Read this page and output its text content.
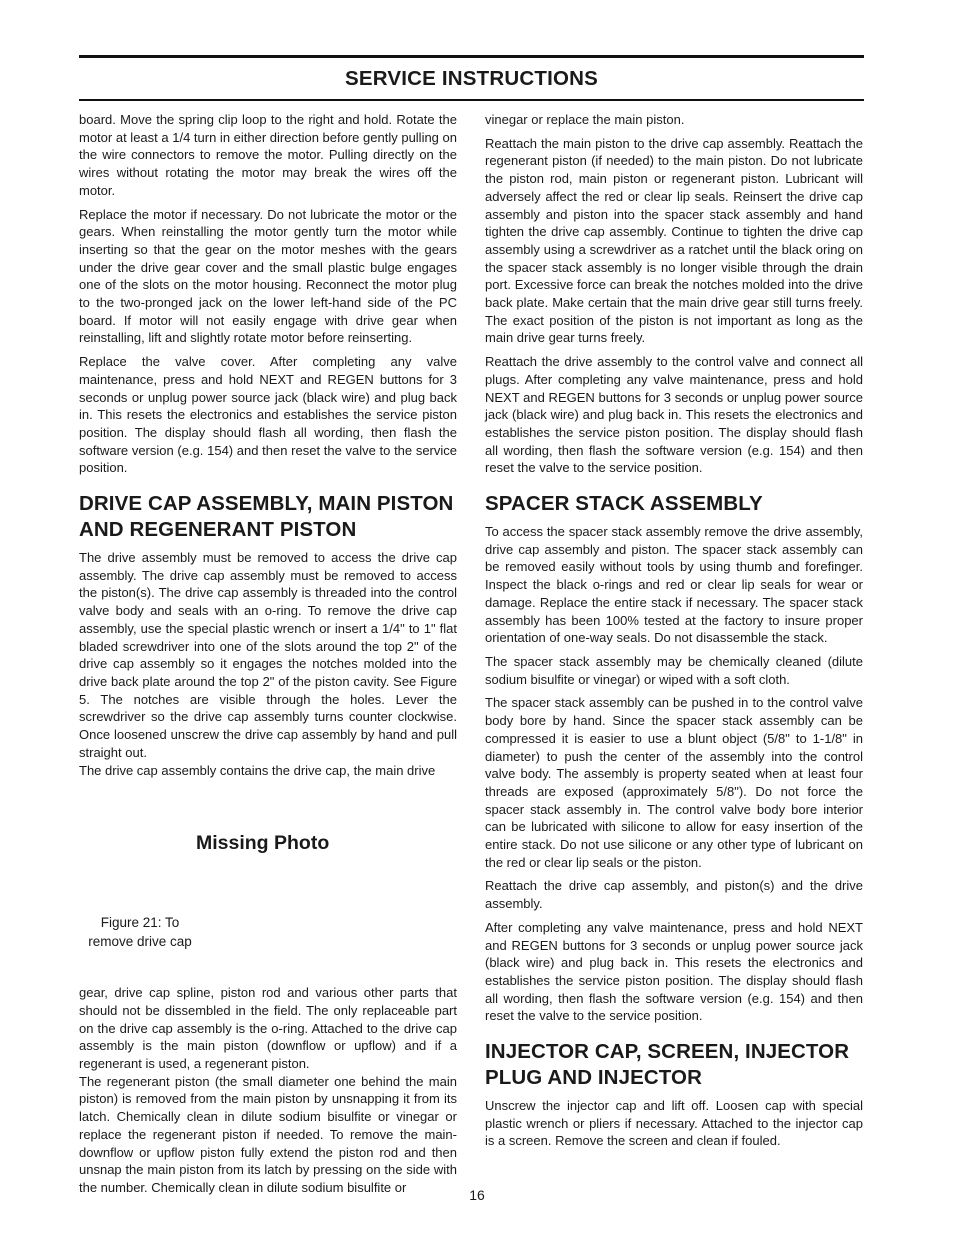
SERVICE INSTRUCTIONS

board. Move the spring clip loop to the right and hold. Rotate the motor at least a 1/4 turn in either direction before gently pulling on the wire connectors to remove the motor. Pulling directly on the wires without rotating the motor may break the wires off the motor.

Replace the motor if necessary. Do not lubricate the motor or the gears. When reinstalling the motor gently turn the motor while inserting so that the gear on the motor meshes with the gears under the drive gear cover and the small plastic bulge engages one of the slots on the motor housing. Reconnect the motor plug to the two-pronged jack on the lower left-hand side of the PC board. If motor will not easily engage with drive gear when reinstalling, lift and slightly rotate motor before reinserting.

Replace the valve cover. After completing any valve maintenance, press and hold NEXT and REGEN buttons for 3 seconds or unplug power source jack (black wire) and plug back in. This resets the electronics and establishes the service piston position. The display should flash all wording, then flash the software version (e.g. 154) and then reset the valve to the service position.

DRIVE CAP ASSEMBLY, MAIN PISTON AND REGENERANT PISTON

The drive assembly must be removed to access the drive cap assembly. The drive cap assembly must be removed to access the piston(s). The drive cap assembly is threaded into the control valve body and seals with an o-ring. To remove the drive cap assembly, use the special plastic wrench or insert a 1/4" to 1" flat bladed screwdriver into one of the slots around the top 2" of the drive cap assembly so it engages the notches molded into the drive back plate around the top 2" of the piston cavity. See Figure 5. The notches are visible through the holes. Lever the screwdriver so the drive cap assembly turns counter clockwise. Once loosened unscrew the drive cap assembly by hand and pull straight out.

The drive cap assembly contains the drive cap, the main drive

Missing Photo
Figure 21: To remove drive cap

gear, drive cap spline, piston rod and various other parts that should not be dissembled in the field. The only replaceable part on the drive cap assembly is the o-ring. Attached to the drive cap assembly is the main piston (downflow or upflow) and if a regenerant is used, a regenerant piston.

The regenerant piston (the small diameter one behind the main piston) is removed from the main piston by unsnapping it from its latch. Chemically clean in dilute sodium bisulfite or vinegar or replace the regenerant piston if needed. To remove the main-downflow or upflow piston fully extend the piston rod and then unsnap the main piston from its latch by pressing on the side with the number. Chemically clean in dilute sodium bisulfite or

vinegar or replace the main piston.

Reattach the main piston to the drive cap assembly. Reattach the regenerant piston (if needed) to the main piston. Do not lubricate the piston rod, main piston or regenerant piston. Lubricant will adversely affect the red or clear lip seals. Reinsert the drive cap assembly and piston into the spacer stack assembly and hand tighten the drive cap assembly. Continue to tighten the drive cap assembly using a screwdriver as a ratchet until the black oring on the spacer stack assembly is no longer visible through the drain port. Excessive force can break the notches molded into the drive back plate. Make certain that the main drive gear still turns freely. The exact position of the piston is not important as long as the main drive gear turns freely.

Reattach the drive assembly to the control valve and connect all plugs. After completing any valve maintenance, press and hold NEXT and REGEN buttons for 3 seconds or unplug power source jack (black wire) and plug back in. This resets the electronics and establishes the service piston position. The display should flash all wording, then flash the software version (e.g. 154) and then reset the valve to the service position.

SPACER STACK ASSEMBLY

To access the spacer stack assembly remove the drive assembly, drive cap assembly and piston. The spacer stack assembly can be removed easily without tools by using thumb and forefinger. Inspect the black o-rings and red or clear lip seals for wear or damage. Replace the entire stack if necessary. The spacer stack assembly has been 100% tested at the factory to insure proper orientation of one-way seals. Do not disassemble the stack.

The spacer stack assembly may be chemically cleaned (dilute sodium bisulfite or vinegar) or wiped with a soft cloth.

The spacer stack assembly can be pushed in to the control valve body bore by hand. Since the spacer stack assembly can be compressed it is easier to use a blunt object (5/8" to 1-1/8" in diameter) to push the center of the assembly into the control valve body. The assembly is property seated when at least four threads are exposed (approximately 5/8"). Do not force the spacer stack assembly in. The control valve body bore interior can be lubricated with silicone to allow for easy insertion of the entire stack. Do not use silicone or any other type of lubricant on the red or clear lip seals or the piston.

Reattach the drive cap assembly, and piston(s) and the drive assembly.

After completing any valve maintenance, press and hold NEXT and REGEN buttons for 3 seconds or unplug power source jack (black wire) and plug back in. This resets the electronics and establishes the service piston position. The display should flash all wording, then flash the software version (e.g. 154) and then reset the valve to the service position.

INJECTOR CAP, SCREEN, INJECTOR PLUG AND INJECTOR

Unscrew the injector cap and lift off. Loosen cap with special plastic wrench or pliers if necessary. Attached to the injector cap is a screen. Remove the screen and clean if fouled.

16
